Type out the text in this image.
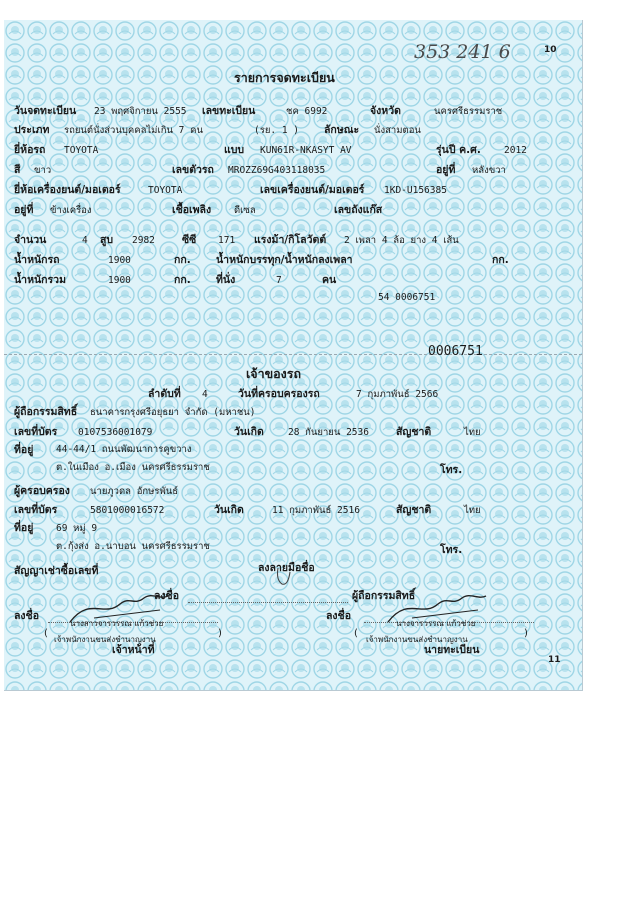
353 241 6	10
รายการจดทะเบียน
วันจดทะเบียน 23 พฤศจิกายน 2555 เลขทะเบียน	ชค 6992	จังหวัด	นครศรีธรรมราช
ประเภท รถยนต์นั่งส่วนบุคคลไม่เกิน 7 คน	(รย. 1 ) ลักษณะ นั่งสามตอน
ยี่ห้อรถ TOYOTA	แบบ KUN61R-NKASYT AV	รุ่นปี ค.ศ. 2012
สี ขาว	เลขตัวรถ MROZZ69G403118035	อยู่ที่ หลังขวา
ยี่ห้อเครื่องยนต์/มอเตอร์	TOYOTA	เลขเครื่องยนต์/มอเตอร์ 1KD-U156385
อยู่ที่ ข้างเครื่อง	เชื้อเพลิง ดีเซล	เลขถังแก๊ส
จำนวน	4 สูบ 2982	ซีซี 171 แรงม้า/กิโลวัตต์ 2 เพลา 4 ล้อ ยาง 4 เส้น
น้ำหนักรถ	1900	กก. น้ำหนักบรรทุก/น้ำหนักลงเพลา	กก.
น้ำหนักรวม	1900	กก. ที่นั่ง	7	คน
54 0006751
0006751
เจ้าของรถ
ลำดับที่ 4	วันที่ครอบครองรถ	7 กุมภาพันธ์ 2566
ผู้ถือกรรมสิทธิ์ ธนาคารกรุงศรีอยุธยา จำกัด (มหาชน)
เลขที่บัตร 0107536001079	วันเกิด	28 กันยายน 2536	สัญชาติ	ไทย
ที่อยู่ 44-44/1 ถนนพัฒนาการคูขวาง
ต.ในเมือง อ.เมือง นครศรีธรรมราช	โทร.
ผู้ครอบครอง นายภูวดล อักษรพันธ์
เลขที่บัตร	5801000016572	วันเกิด	11 กุมภาพันธ์ 2516	สัญชาติ	ไทย
ที่อยู่ 69 หมู่ 9
ต.กุ้งส่ง อ.นาบอน นครศรีธรรมราช	โทร.
สัญญาเช่าซื้อเลขที่	ลงลายมือชื่อ
ลงชื่อ	ผู้ถือกรรมสิทธิ์
ลงชื่อ
นางสาวจารวรรณ แก้วช่วย
(
เจ้าพนักงานขนส่งชำนาญงาน
)
เจ้าหน้าที่
ลงชื่อ
นางจารวรรณ แก้วช่วย
(
เจ้าพนักงานขนส่งชำนาญงาน
)
นายทะเบียน
11
